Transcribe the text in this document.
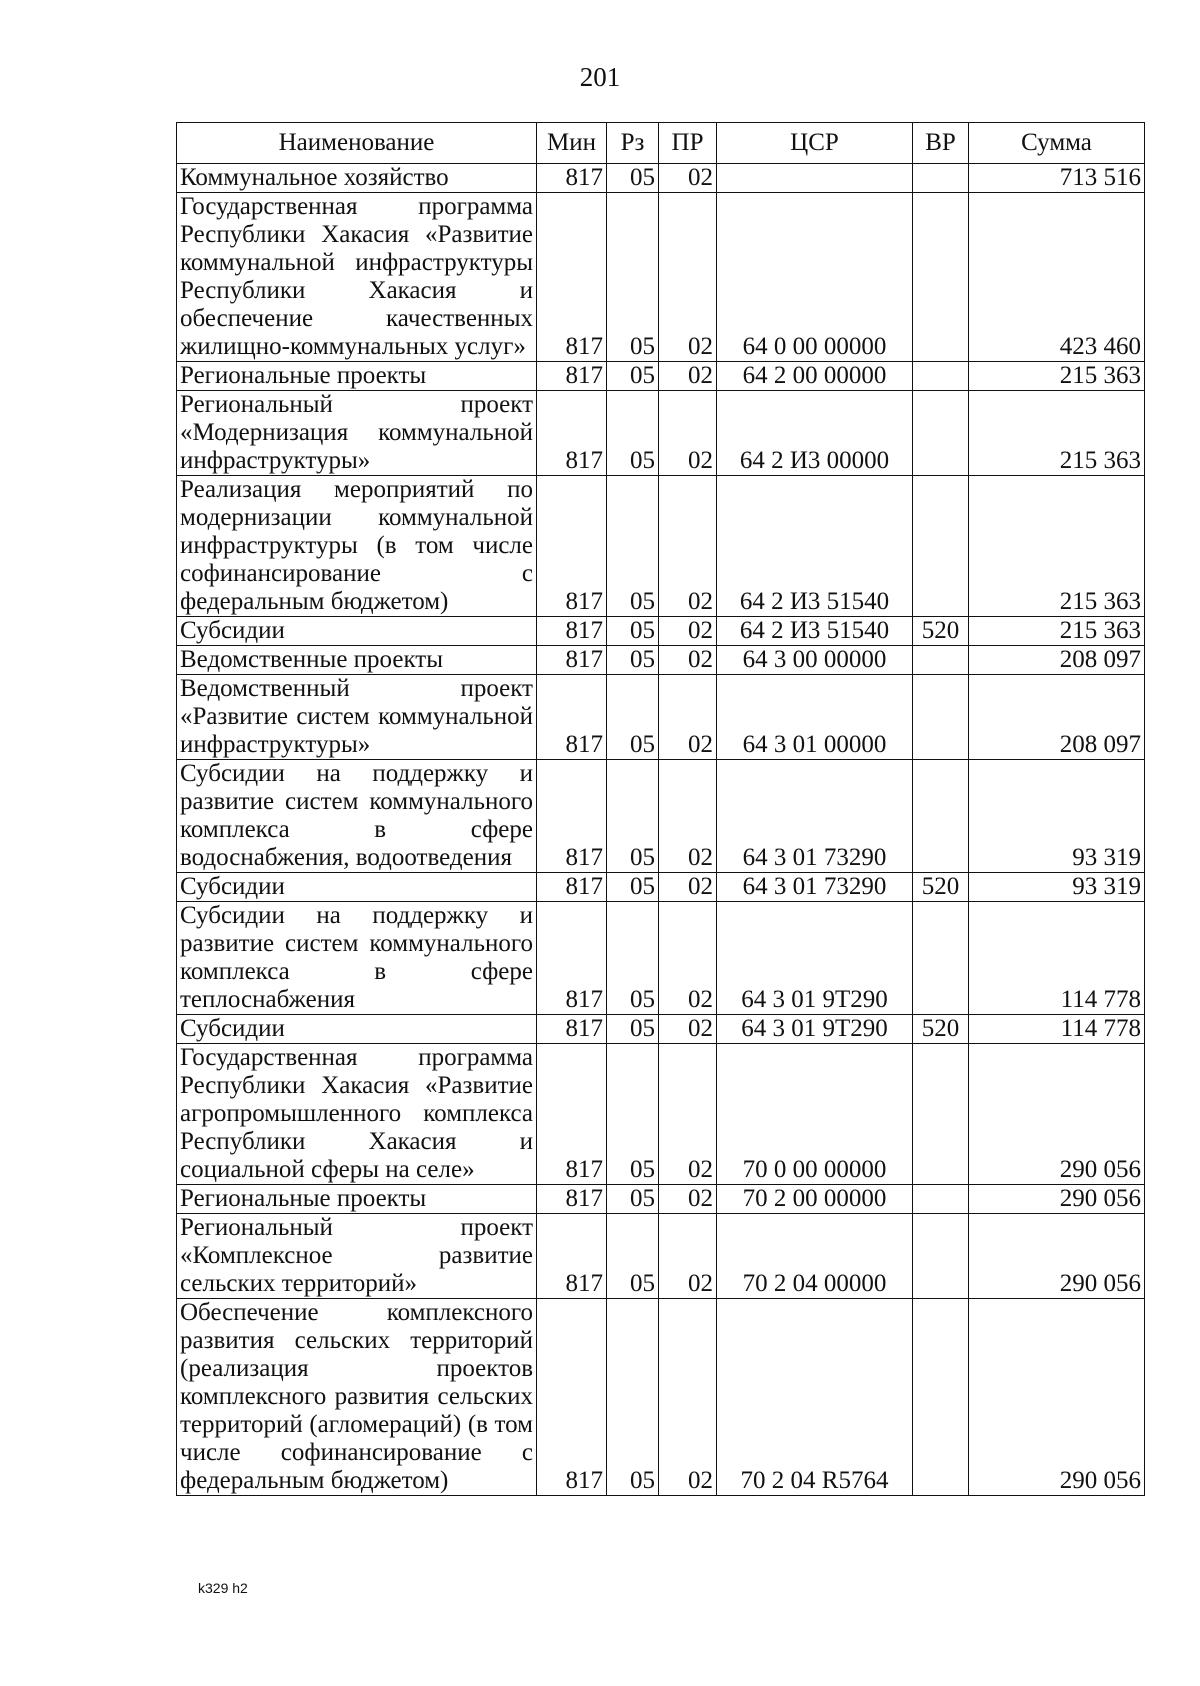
201
Наименование	Мин	Рз	ПР	ЦСР	ВР	Сумма
Коммунальное хозяйство	817	05	02			713 516
Государственная программа Республики Хакасия «Развитие коммунальной инфраструктуры Республики Хакасия и обеспечение качественных жилищно-коммунальных услуг»	817	05	02	64 0 00 00000		423 460
Региональные проекты	817	05	02	64 2 00 00000		215 363
Региональный проект «Модернизация коммунальной инфраструктуры»	817	05	02	64 2 И3 00000		215 363
Реализация мероприятий по модернизации коммунальной инфраструктуры (в том числе софинансирование с федеральным бюджетом)	817	05	02	64 2 И3 51540		215 363
Субсидии	817	05	02	64 2 И3 51540	520	215 363
Ведомственные проекты	817	05	02	64 3 00 00000		208 097
Ведомственный проект «Развитие систем коммунальной инфраструктуры»	817	05	02	64 3 01 00000		208 097
Субсидии на поддержку и развитие систем коммунального комплекса в сфере водоснабжения, водоотведения	817	05	02	64 3 01 73290		93 319
Субсидии	817	05	02	64 3 01 73290	520	93 319
Субсидии на поддержку и развитие систем коммунального комплекса в сфере теплоснабжения	817	05	02	64 3 01 9Т290		114 778
Субсидии	817	05	02	64 3 01 9Т290	520	114 778
Государственная программа Республики Хакасия «Развитие агропромышленного комплекса Республики Хакасия и социальной сферы на селе»	817	05	02	70 0 00 00000		290 056
Региональные проекты	817	05	02	70 2 00 00000		290 056
Региональный проект «Комплексное развитие сельских территорий»	817	05	02	70 2 04 00000		290 056
Обеспечение комплексного развития сельских территорий (реализация проектов комплексного развития сельских территорий (агломераций) (в том числе софинансирование с федеральным бюджетом)	817	05	02	70 2 04 R5764		290 056
k329 h2
